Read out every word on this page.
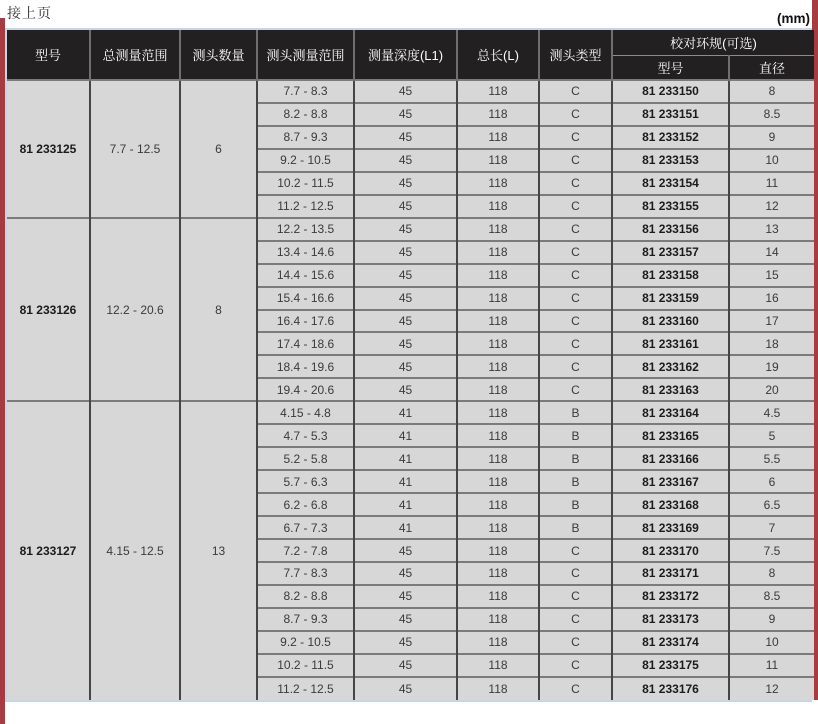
接上页	(mm)
型号	总测量范围	测头数量	测头测量范围	测量深度(L1)	总长(L)	测头类型	校对环规(可选)	
							型号	直径
81 233125	7.7 - 12.5	6	7.7 - 8.3	45	118	C	81 233150	8
			8.2 - 8.8	45	118	C	81 233151	8.5
			8.7 - 9.3	45	118	C	81 233152	9
			9.2 - 10.5	45	118	C	81 233153	10
			10.2 - 11.5	45	118	C	81 233154	11
			11.2 - 12.5	45	118	C	81 233155	12
81 233126	12.2 - 20.6	8	12.2 - 13.5	45	118	C	81 233156	13
			13.4 - 14.6	45	118	C	81 233157	14
			14.4 - 15.6	45	118	C	81 233158	15
			15.4 - 16.6	45	118	C	81 233159	16
			16.4 - 17.6	45	118	C	81 233160	17
			17.4 - 18.6	45	118	C	81 233161	18
			18.4 - 19.6	45	118	C	81 233162	19
			19.4 - 20.6	45	118	C	81 233163	20
81 233127	4.15 - 12.5	13	4.15 - 4.8	41	118	B	81 233164	4.5
			4.7 - 5.3	41	118	B	81 233165	5
			5.2 - 5.8	41	118	B	81 233166	5.5
			5.7 - 6.3	41	118	B	81 233167	6
			6.2 - 6.8	41	118	B	81 233168	6.5
			6.7 - 7.3	41	118	B	81 233169	7
			7.2 - 7.8	45	118	C	81 233170	7.5
			7.7 - 8.3	45	118	C	81 233171	8
			8.2 - 8.8	45	118	C	81 233172	8.5
			8.7 - 9.3	45	118	C	81 233173	9
			9.2 - 10.5	45	118	C	81 233174	10
			10.2 - 11.5	45	118	C	81 233175	11
			11.2 - 12.5	45	118	C	81 233176	12
